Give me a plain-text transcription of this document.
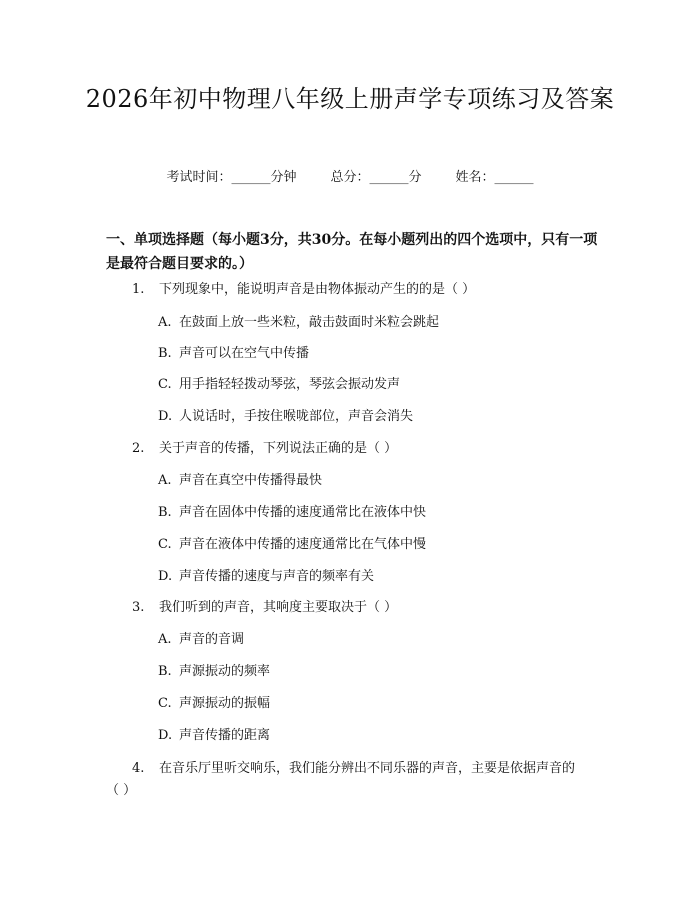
2026年初中物理八年级上册声学专项练习及答案
考试时间：______分钟	总分：______分	姓名：______

一、单项选择题（每小题3分，共30分。在每小题列出的四个选项中，只有一项是最符合题目要求的。）

1. 下列现象中，能说明声音是由物体振动产生的的是（ ）
A. 在鼓面上放一些米粒，敲击鼓面时米粒会跳起
B. 声音可以在空气中传播
C. 用手指轻轻拨动琴弦，琴弦会振动发声
D. 人说话时，手按住喉咙部位，声音会消失
2. 关于声音的传播，下列说法正确的是（ ）
A. 声音在真空中传播得最快
B. 声音在固体中传播的速度通常比在液体中快
C. 声音在液体中传播的速度通常比在气体中慢
D. 声音传播的速度与声音的频率有关
3. 我们听到的声音，其响度主要取决于（ ）
A. 声音的音调
B. 声源振动的频率
C. 声源振动的振幅
D. 声音传播的距离
4. 在音乐厅里听交响乐，我们能分辨出不同乐器的声音，主要是依据声音的
（ ）
